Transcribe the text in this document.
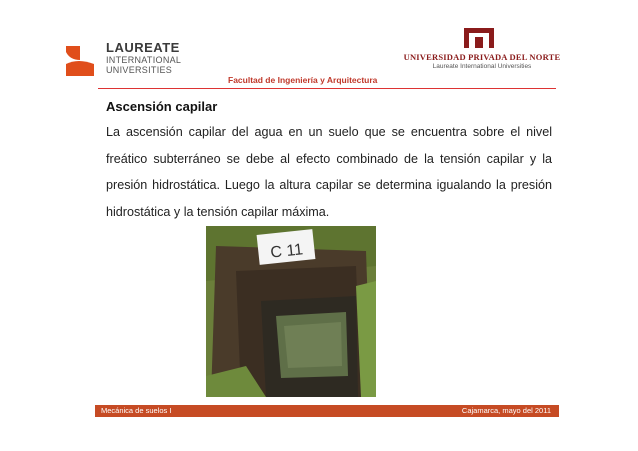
LAUREATE
INTERNATIONAL
UNIVERSITIES
UNIVERSIDAD PRIVADA DEL NORTE
Laureate International Universities
Facultad de Ingeniería y Arquitectura
Ascensión capilar
La ascensión capilar del agua en un suelo que se encuentra sobre el nivel freático subterráneo se debe al efecto combinado de la tensión capilar y la presión hidrostática. Luego la altura capilar se determina igualando la presión hidrostática y la tensión capilar máxima.
C 11
Mecánica de suelos I	Cajamarca, mayo del 2011
